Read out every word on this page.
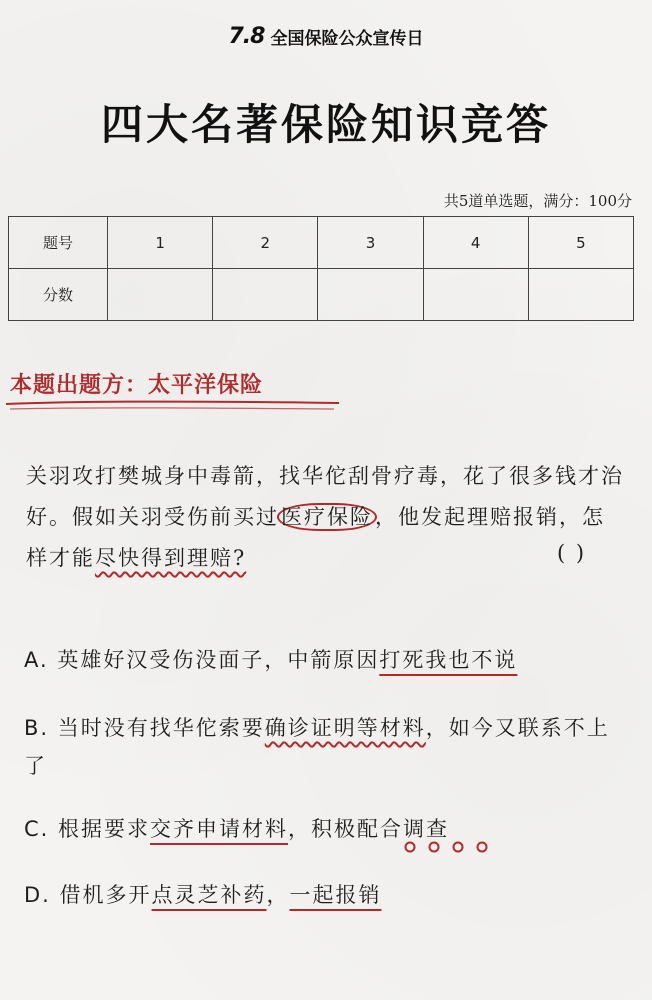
7.8 全国保险公众宣传日
四大名著保险知识竞答
共5道单选题，满分：100分
题号	1	2	3	4	5
分数					
本题出题方：太平洋保险
关羽攻打樊城身中毒箭，找华佗刮骨疗毒，花了很多钱才治好。假如关羽受伤前买过医疗保险，他发起理赔报销，怎样才能尽快得到理赔?	( )
A. 英雄好汉受伤没面子，中箭原因打死我也不说
B. 当时没有找华佗索要确诊证明等材料，如今又联系不上了
C. 根据要求交齐申请材料，积极配合调查
D. 借机多开点灵芝补药，一起报销
